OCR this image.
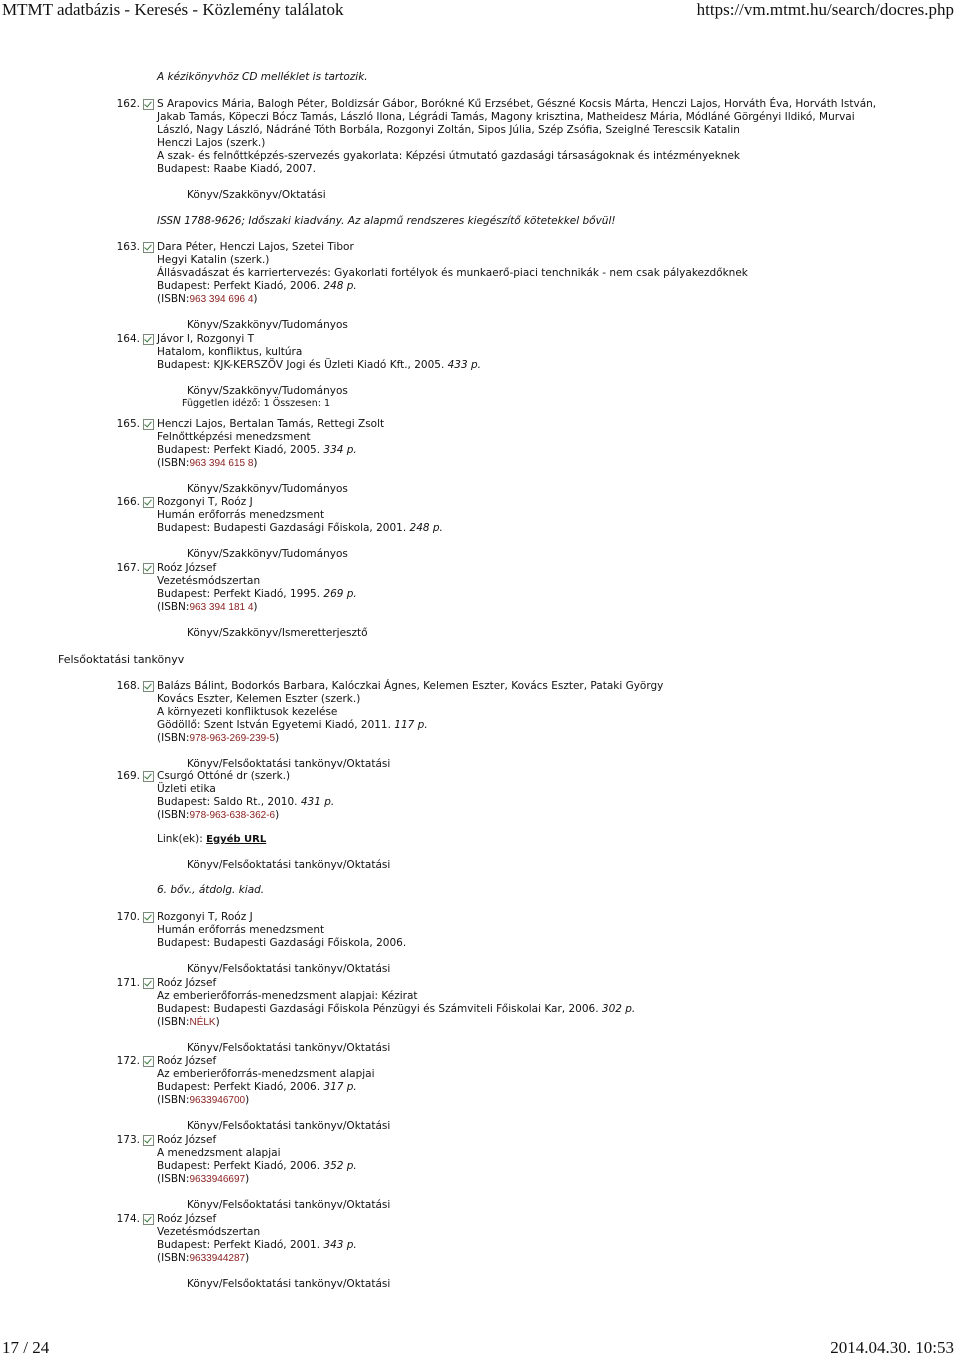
MTMT adatbázis - Keresés - Közlemény találatok	https://vm.mtmt.hu/search/docres.php
A kézikönyvhöz CD melléklet is tartozik.
162. S Arapovics Mária, Balogh Péter, Boldizsár Gábor, Borókné Kű Erzsébet, Gészné Kocsis Márta, Henczi Lajos, Horváth Éva, Horváth István, Jakab Tamás, Köpeczi Bócz Tamás, László Ilona, Légrádi Tamás, Magony krisztina, Matheidesz Mária, Módláné Görgényi Ildikó, Murvai László, Nagy László, Nádráné Tóth Borbála, Rozgonyi Zoltán, Sipos Júlia, Szép Zsófia, Szeiglné Terescsik Katalin
Henczi Lajos (szerk.)
A szak- és felnőttképzés-szervezés gyakorlata: Képzési útmutató gazdasági társaságoknak és intézményeknek
Budapest: Raabe Kiadó, 2007.
Könyv/Szakkönyv/Oktatási
ISSN 1788-9626; Időszaki kiadvány. Az alapmű rendszeres kiegészítő kötetekkel bővül!
163. Dara Péter, Henczi Lajos, Szetei Tibor
Hegyi Katalin (szerk.)
Állásvadászat és karriertervezés: Gyakorlati fortélyok és munkaerő-piaci tenchnikák - nem csak pályakezdőknek
Budapest: Perfekt Kiadó, 2006. 248 p.
(ISBN:963 394 696 4)
Könyv/Szakkönyv/Tudományos
164. Jávor I, Rozgonyi T
Hatalom, konfliktus, kultúra
Budapest: KJK-KERSZÖV Jogi és Üzleti Kiadó Kft., 2005. 433 p.
Könyv/Szakkönyv/Tudományos
Független idéző: 1 Összesen: 1
165. Henczi Lajos, Bertalan Tamás, Rettegi Zsolt
Felnőttképzési menedzsment
Budapest: Perfekt Kiadó, 2005. 334 p.
(ISBN:963 394 615 8)
Könyv/Szakkönyv/Tudományos
166. Rozgonyi T, Roóz J
Humán erőforrás menedzsment
Budapest: Budapesti Gazdasági Főiskola, 2001. 248 p.
Könyv/Szakkönyv/Tudományos
167. Roóz József
Vezetésmódszertan
Budapest: Perfekt Kiadó, 1995. 269 p.
(ISBN:963 394 181 4)
Könyv/Szakkönyv/Ismeretterjesztő
Felsőoktatási tankönyv
168. Balázs Bálint, Bodorkós Barbara, Kalóczkai Ágnes, Kelemen Eszter, Kovács Eszter, Pataki György
Kovács Eszter, Kelemen Eszter (szerk.)
A környezeti konfliktusok kezelése
Gödöllő: Szent István Egyetemi Kiadó, 2011. 117 p.
(ISBN:978-963-269-239-5)
Könyv/Felsőoktatási tankönyv/Oktatási
169. Csurgó Ottóné dr (szerk.)
Üzleti etika
Budapest: Saldo Rt., 2010. 431 p.
(ISBN:978-963-638-362-6)
Link(ek): Egyéb URL
Könyv/Felsőoktatási tankönyv/Oktatási
6. bőv., átdolg. kiad.
170. Rozgonyi T, Roóz J
Humán erőforrás menedzsment
Budapest: Budapesti Gazdasági Főiskola, 2006.
Könyv/Felsőoktatási tankönyv/Oktatási
171. Roóz József
Az emberierőforrás-menedzsment alapjai: Kézirat
Budapest: Budapesti Gazdasági Főiskola Pénzügyi és Számviteli Főiskolai Kar, 2006. 302 p.
(ISBN:NÉLK)
Könyv/Felsőoktatási tankönyv/Oktatási
172. Roóz József
Az emberierőforrás-menedzsment alapjai
Budapest: Perfekt Kiadó, 2006. 317 p.
(ISBN:9633946700)
Könyv/Felsőoktatási tankönyv/Oktatási
173. Roóz József
A menedzsment alapjai
Budapest: Perfekt Kiadó, 2006. 352 p.
(ISBN:9633946697)
Könyv/Felsőoktatási tankönyv/Oktatási
174. Roóz József
Vezetésmódszertan
Budapest: Perfekt Kiadó, 2001. 343 p.
(ISBN:9633944287)
Könyv/Felsőoktatási tankönyv/Oktatási
17 / 24	2014.04.30. 10:53
